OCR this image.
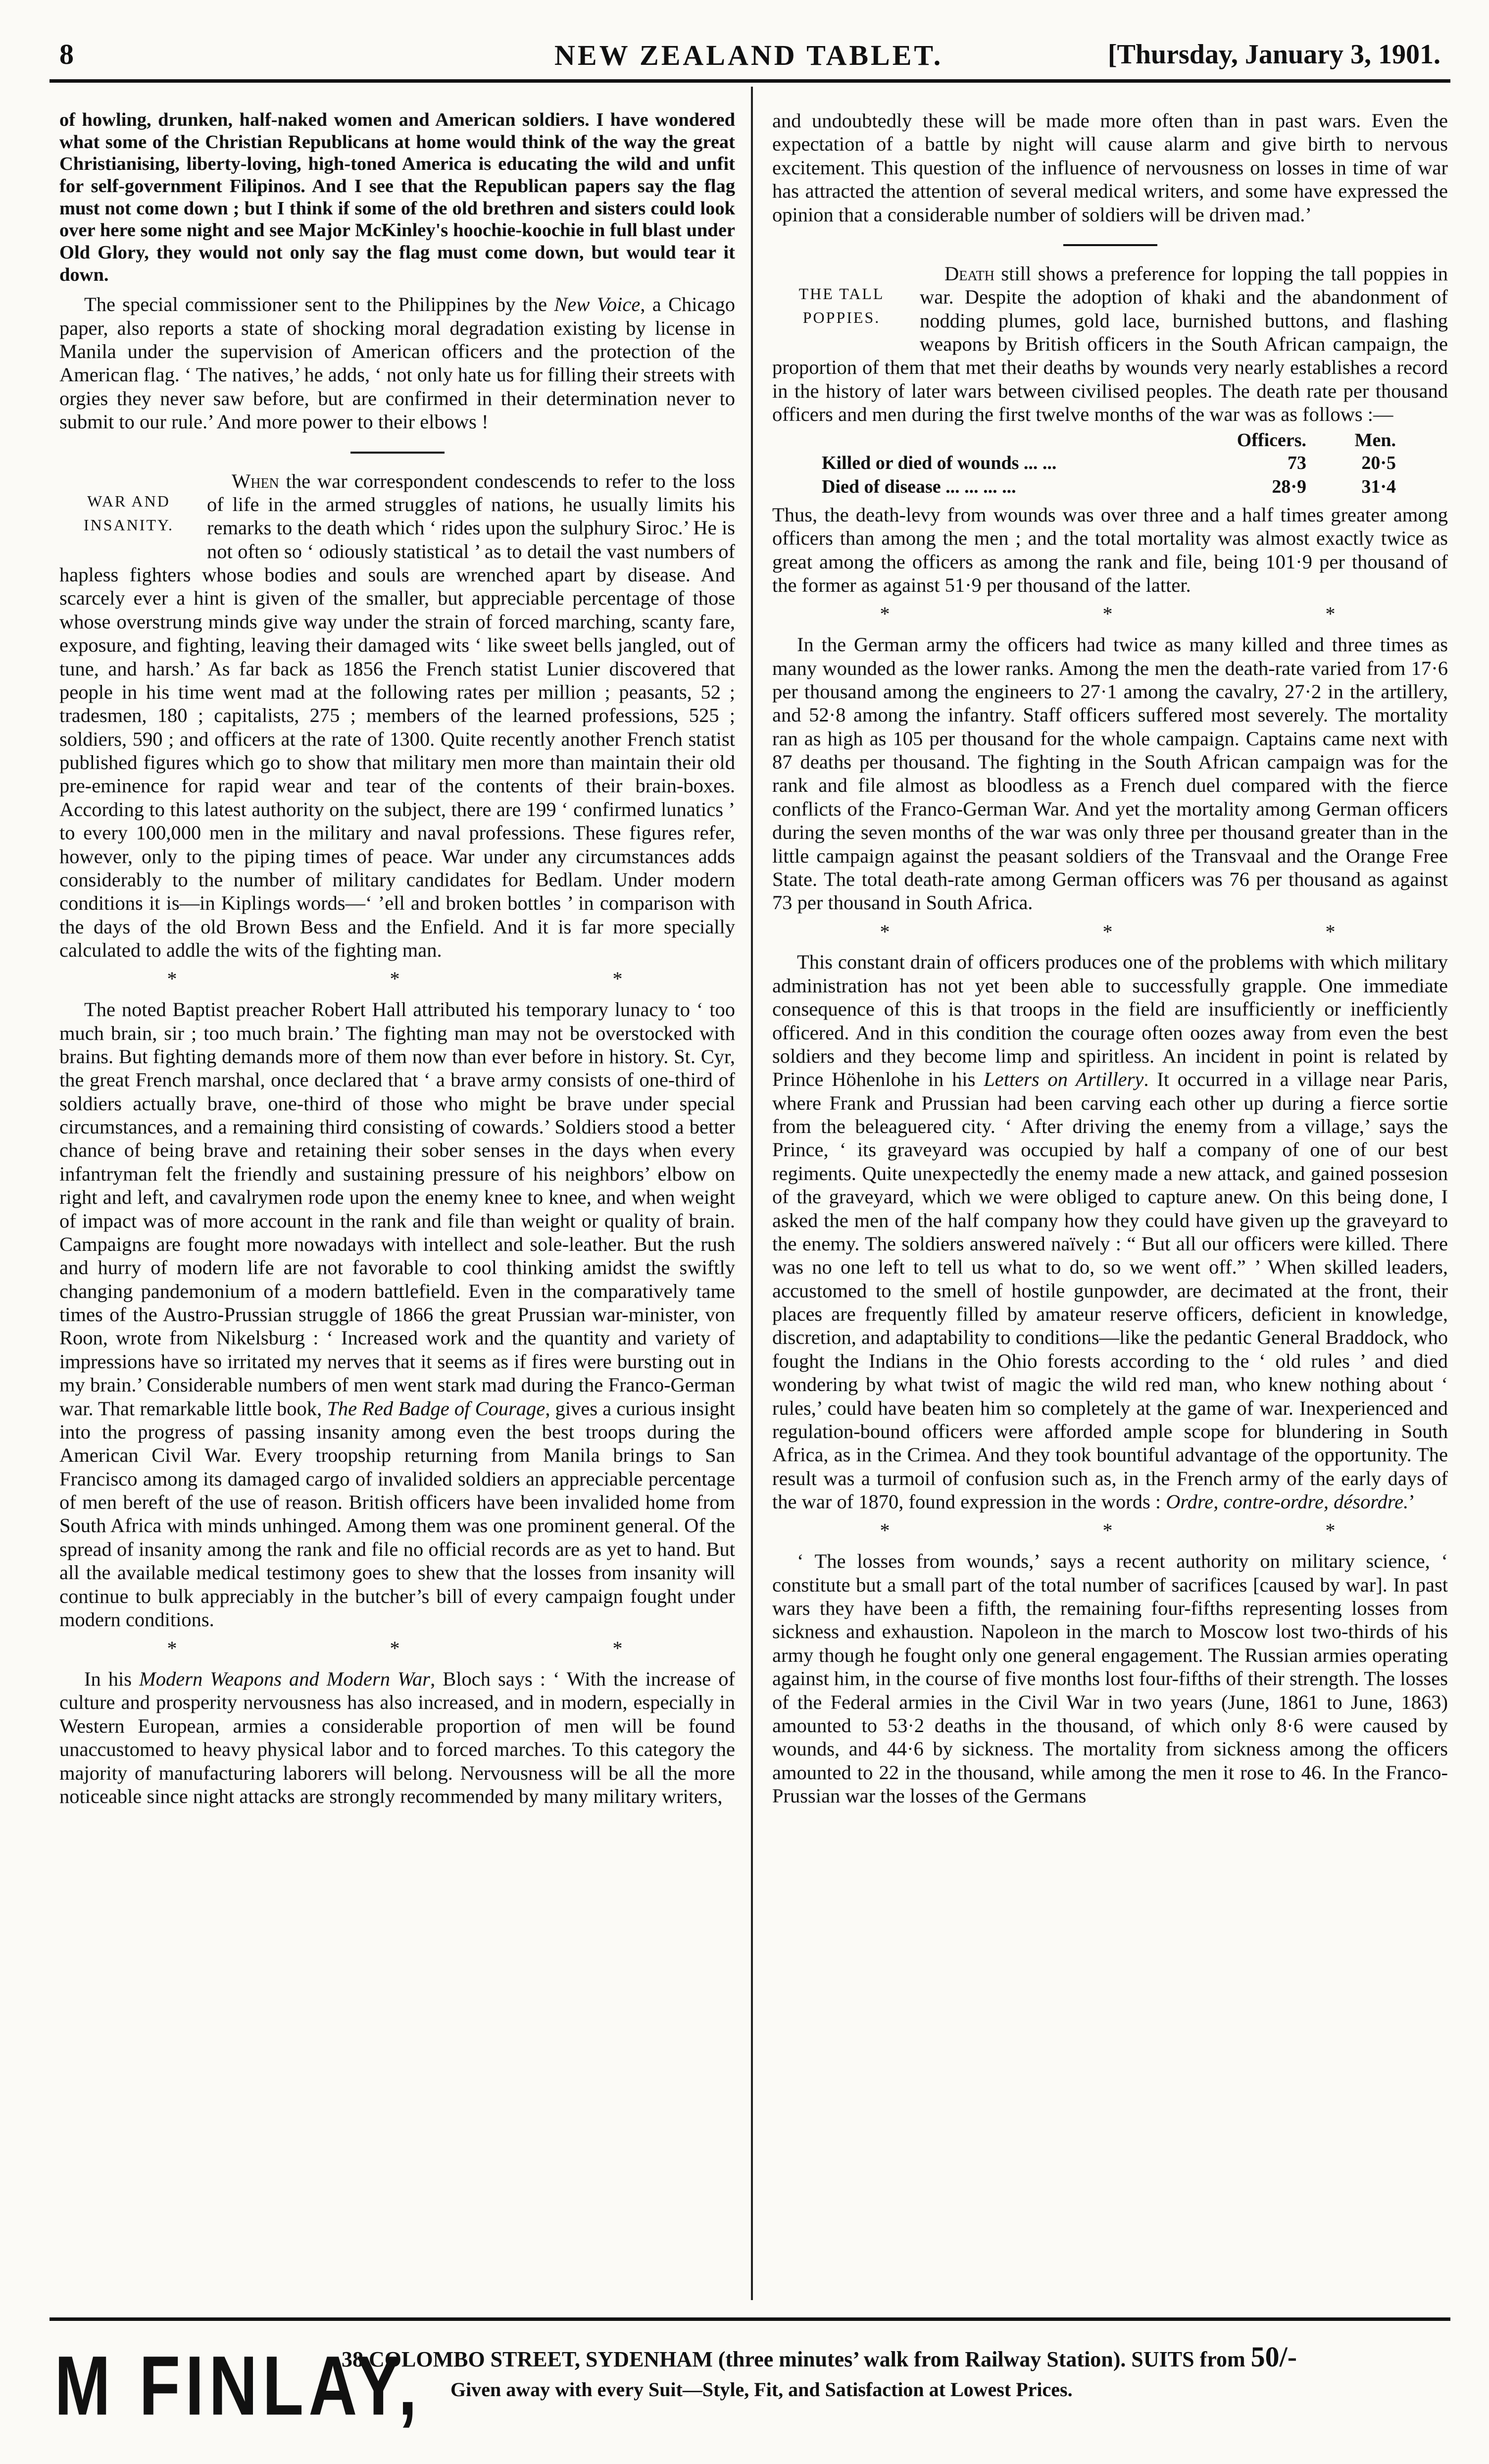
8	NEW ZEALAND TABLET.	[Thursday, January 3, 1901.

of howling, drunken, half-naked women and American soldiers. I have wondered what some of the Christian Republicans at home would think of the way the great Christianising, liberty-loving, high-toned America is educating the wild and unfit for self-government Filipinos. And I see that the Republican papers say the flag must not come down ; but I think if some of the old brethren and sisters could look over here some night and see Major McKinley's hoochie-koochie in full blast under Old Glory, they would not only say the flag must come down, but would tear it down.

The special commissioner sent to the Philippines by the New Voice, a Chicago paper, also reports a state of shocking moral degradation existing by license in Manila under the supervision of American officers and the protection of the American flag. ‘ The natives,’ he adds, ‘ not only hate us for filling their streets with orgies they never saw before, but are confirmed in their determination never to submit to our rule.’ And more power to their elbows !

WAR AND INSANITY.
When the war correspondent condescends to refer to the loss of life in the armed struggles of nations, he usually limits his remarks to the death which ‘ rides upon the sulphury Siroc.’ He is not often so ‘ odiously statistical ’ as to detail the vast numbers of hapless fighters whose bodies and souls are wrenched apart by disease. And scarcely ever a hint is given of the smaller, but appreciable percentage of those whose overstrung minds give way under the strain of forced marching, scanty fare, exposure, and fighting, leaving their damaged wits ‘ like sweet bells jangled, out of tune, and harsh.’ As far back as 1856 the French statist Lunier discovered that people in his time went mad at the following rates per million ; peasants, 52 ; tradesmen, 180 ; capitalists, 275 ; members of the learned professions, 525 ; soldiers, 590 ; and officers at the rate of 1300. Quite recently another French statist published figures which go to show that military men more than maintain their old pre-eminence for rapid wear and tear of the contents of their brain-boxes. According to this latest authority on the subject, there are 199 ‘ confirmed lunatics ’ to every 100,000 men in the military and naval professions. These figures refer, however, only to the piping times of peace. War under any circumstances adds considerably to the number of military candidates for Bedlam. Under modern conditions it is—in Kiplings words—‘ ’ell and broken bottles ’ in comparison with the days of the old Brown Bess and the Enfield. And it is far more specially calculated to addle the wits of the fighting man.

* * *

The noted Baptist preacher Robert Hall attributed his temporary lunacy to ‘ too much brain, sir ; too much brain.’ The fighting man may not be overstocked with brains. But fighting demands more of them now than ever before in history. St. Cyr, the great French marshal, once declared that ‘ a brave army consists of one-third of soldiers actually brave, one-third of those who might be brave under special circumstances, and a remaining third consisting of cowards.’ Soldiers stood a better chance of being brave and retaining their sober senses in the days when every infantryman felt the friendly and sustaining pressure of his neighbors’ elbow on right and left, and cavalrymen rode upon the enemy knee to knee, and when weight of impact was of more account in the rank and file than weight or quality of brain. Campaigns are fought more nowadays with intellect and sole-leather. But the rush and hurry of modern life are not favorable to cool thinking amidst the swiftly changing pandemonium of a modern battlefield. Even in the comparatively tame times of the Austro-Prussian struggle of 1866 the great Prussian war-minister, von Roon, wrote from Nikelsburg : ‘ Increased work and the quantity and variety of impressions have so irritated my nerves that it seems as if fires were bursting out in my brain.’ Considerable numbers of men went stark mad during the Franco-German war. That remarkable little book, The Red Badge of Courage, gives a curious insight into the progress of passing insanity among even the best troops during the American Civil War. Every troopship returning from Manila brings to San Francisco among its damaged cargo of invalided soldiers an appreciable percentage of men bereft of the use of reason. British officers have been invalided home from South Africa with minds unhinged. Among them was one prominent general. Of the spread of insanity among the rank and file no official records are as yet to hand. But all the available medical testimony goes to shew that the losses from insanity will continue to bulk appreciably in the butcher’s bill of every campaign fought under modern conditions.

* * *

In his Modern Weapons and Modern War, Bloch says : ‘ With the increase of culture and prosperity nervousness has also increased, and in modern, especially in Western European, armies a considerable proportion of men will be found unaccustomed to heavy physical labor and to forced marches. To this category the majority of manufacturing laborers will belong. Nervousness will be all the more noticeable since night attacks are strongly recommended by many military writers,

and undoubtedly these will be made more often than in past wars. Even the expectation of a battle by night will cause alarm and give birth to nervous excitement. This question of the influence of nervousness on losses in time of war has attracted the attention of several medical writers, and some have expressed the opinion that a considerable number of soldiers will be driven mad.’

THE TALL POPPIES.
Death still shows a preference for lopping the tall poppies in war. Despite the adoption of khaki and the abandonment of nodding plumes, gold lace, burnished buttons, and flashing weapons by British officers in the South African campaign, the proportion of them that met their deaths by wounds very nearly establishes a record in the history of later wars between civilised peoples. The death rate per thousand officers and men during the first twelve months of the war was as follows :—

	Officers.	Men.
Killed or died of wounds ... ...	73	20·5
Died of disease ... ... ... ...	28·9	31·4

Thus, the death-levy from wounds was over three and a half times greater among officers than among the men ; and the total mortality was almost exactly twice as great among the officers as among the rank and file, being 101·9 per thousand of the former as against 51·9 per thousand of the latter.

* * *

In the German army the officers had twice as many killed and three times as many wounded as the lower ranks. Among the men the death-rate varied from 17·6 per thousand among the engineers to 27·1 among the cavalry, 27·2 in the artillery, and 52·8 among the infantry. Staff officers suffered most severely. The mortality ran as high as 105 per thousand for the whole campaign. Captains came next with 87 deaths per thousand. The fighting in the South African campaign was for the rank and file almost as bloodless as a French duel compared with the fierce conflicts of the Franco-German War. And yet the mortality among German officers during the seven months of the war was only three per thousand greater than in the little campaign against the peasant soldiers of the Transvaal and the Orange Free State. The total death-rate among German officers was 76 per thousand as against 73 per thousand in South Africa.

* * *

This constant drain of officers produces one of the problems with which military administration has not yet been able to successfully grapple. One immediate consequence of this is that troops in the field are insufficiently or inefficiently officered. And in this condition the courage often oozes away from even the best soldiers and they become limp and spiritless. An incident in point is related by Prince Höhenlohe in his Letters on Artillery. It occurred in a village near Paris, where Frank and Prussian had been carving each other up during a fierce sortie from the beleaguered city. ‘ After driving the enemy from a village,’ says the Prince, ‘ its graveyard was occupied by half a company of one of our best regiments. Quite unexpectedly the enemy made a new attack, and gained possesion of the graveyard, which we were obliged to capture anew. On this being done, I asked the men of the half company how they could have given up the graveyard to the enemy. The soldiers answered naïvely : “ But all our officers were killed. There was no one left to tell us what to do, so we went off.” ’ When skilled leaders, accustomed to the smell of hostile gunpowder, are decimated at the front, their places are frequently filled by amateur reserve officers, deficient in knowledge, discretion, and adaptability to conditions—like the pedantic General Braddock, who fought the Indians in the Ohio forests according to the ‘ old rules ’ and died wondering by what twist of magic the wild red man, who knew nothing about ‘ rules,’ could have beaten him so completely at the game of war. Inexperienced and regulation-bound officers were afforded ample scope for blundering in South Africa, as in the Crimea. And they took bountiful advantage of the opportunity. The result was a turmoil of confusion such as, in the French army of the early days of the war of 1870, found expression in the words : Ordre, contre-ordre, désordre.’

* * *

‘ The losses from wounds,’ says a recent authority on military science, ‘ constitute but a small part of the total number of sacrifices [caused by war]. In past wars they have been a fifth, the remaining four-fifths representing losses from sickness and exhaustion. Napoleon in the march to Moscow lost two-thirds of his army though he fought only one general engagement. The Russian armies operating against him, in the course of five months lost four-fifths of their strength. The losses of the Federal armies in the Civil War in two years (June, 1861 to June, 1863) amounted to 53·2 deaths in the thousand, of which only 8·6 were caused by wounds, and 44·6 by sickness. The mortality from sickness among the officers amounted to 22 in the thousand, while among the men it rose to 46. In the Franco-Prussian war the losses of the Germans

M FINLAY,
38 COLOMBO STREET, SYDENHAM (three minutes’ walk from Railway Station). SUITS from 50/-
Given away with every Suit—Style, Fit, and Satisfaction at Lowest Prices.
